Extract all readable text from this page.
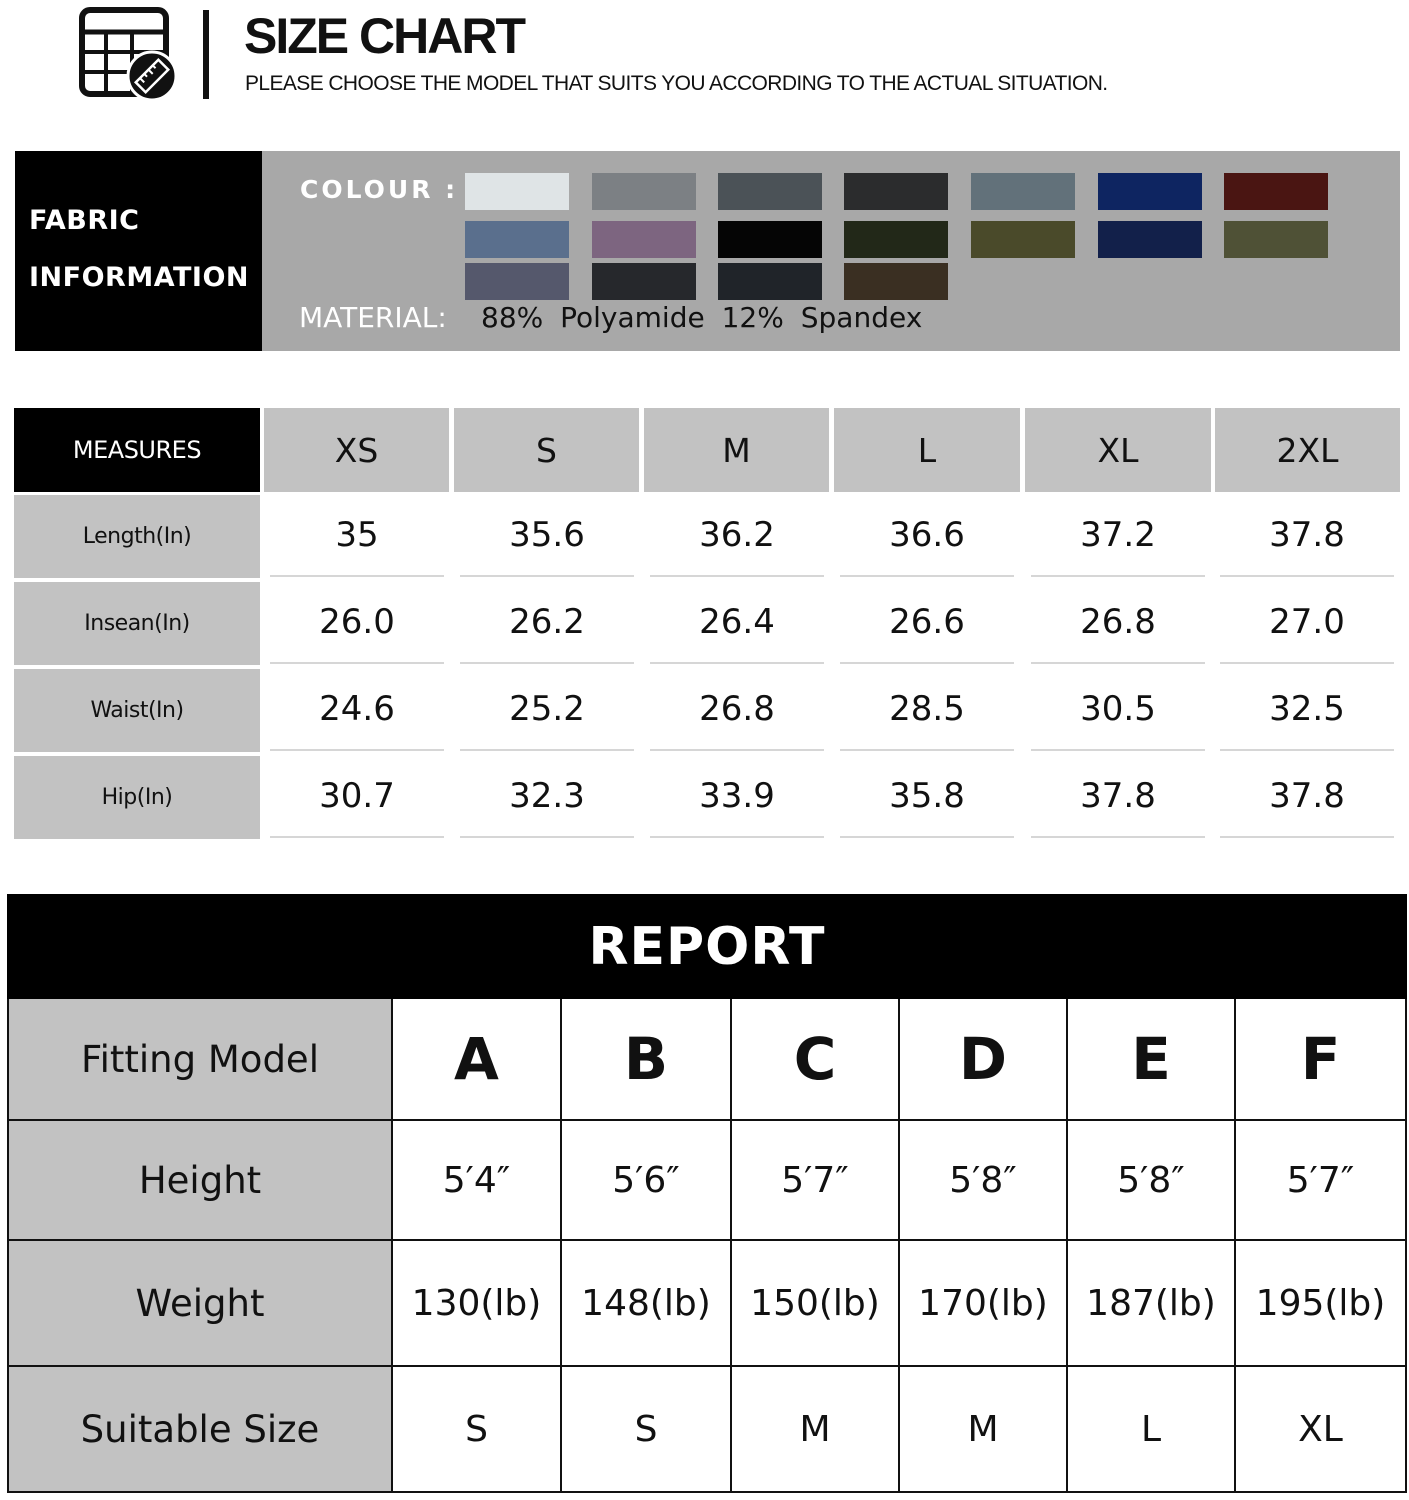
SIZE CHART
PLEASE CHOOSE THE MODEL THAT SUITS YOU ACCORDING TO THE ACTUAL SITUATION.
FABRIC
INFORMATION
COLOUR :
MATERIAL: 88% Polyamide 12% Spandex
MEASURES	XS	S	M	L	XL	2XL
Length(In)	35	35.6	36.2	36.6	37.2	37.8
Insean(In)	26.0	26.2	26.4	26.6	26.8	27.0
Waist(In)	24.6	25.2	26.8	28.5	30.5	32.5
Hip(In)	30.7	32.3	33.9	35.8	37.8	37.8
REPORT
Fitting Model	A	B	C	D	E	F
Height	5′4″	5′6″	5′7″	5′8″	5′8″	5′7″
Weight	130(lb)	148(lb)	150(lb)	170(lb)	187(lb)	195(lb)
Suitable Size	S	S	M	M	L	XL
